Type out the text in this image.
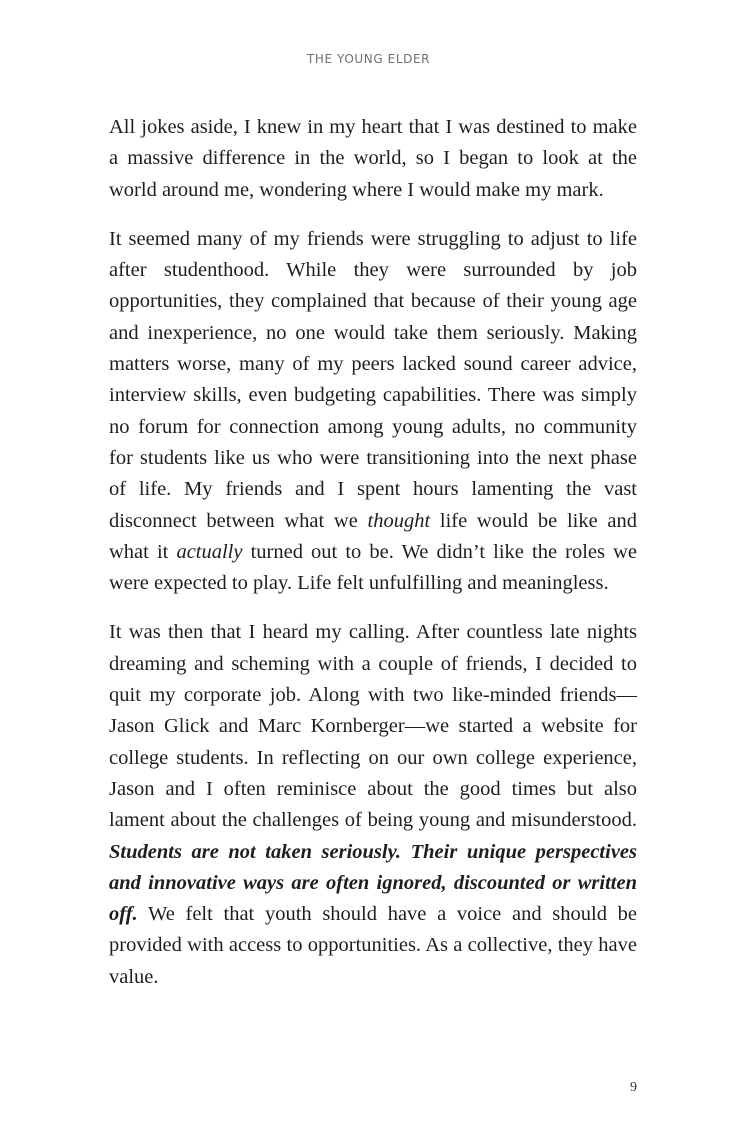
THE YOUNG ELDER

All jokes aside, I knew in my heart that I was destined to make a massive difference in the world, so I began to look at the world around me, wondering where I would make my mark.

It seemed many of my friends were struggling to adjust to life after studenthood. While they were surrounded by job opportunities, they complained that because of their young age and inexperience, no one would take them seriously. Making matters worse, many of my peers lacked sound career advice, interview skills, even budgeting capabilities. There was simply no forum for connection among young adults, no community for students like us who were transitioning into the next phase of life. My friends and I spent hours lamenting the vast disconnect between what we thought life would be like and what it actually turned out to be. We didn’t like the roles we were expected to play. Life felt unfulfilling and meaningless.

It was then that I heard my calling. After countless late nights dreaming and scheming with a couple of friends, I decided to quit my corporate job. Along with two like-minded friends—Jason Glick and Marc Kornberger—we started a website for college students. In reflecting on our own college experience, Jason and I often reminisce about the good times but also lament about the challenges of being young and misunderstood. Students are not taken seriously. Their unique perspectives and innovative ways are often ignored, discounted or written off. We felt that youth should have a voice and should be provided with access to opportunities. As a collective, they have value.

9
